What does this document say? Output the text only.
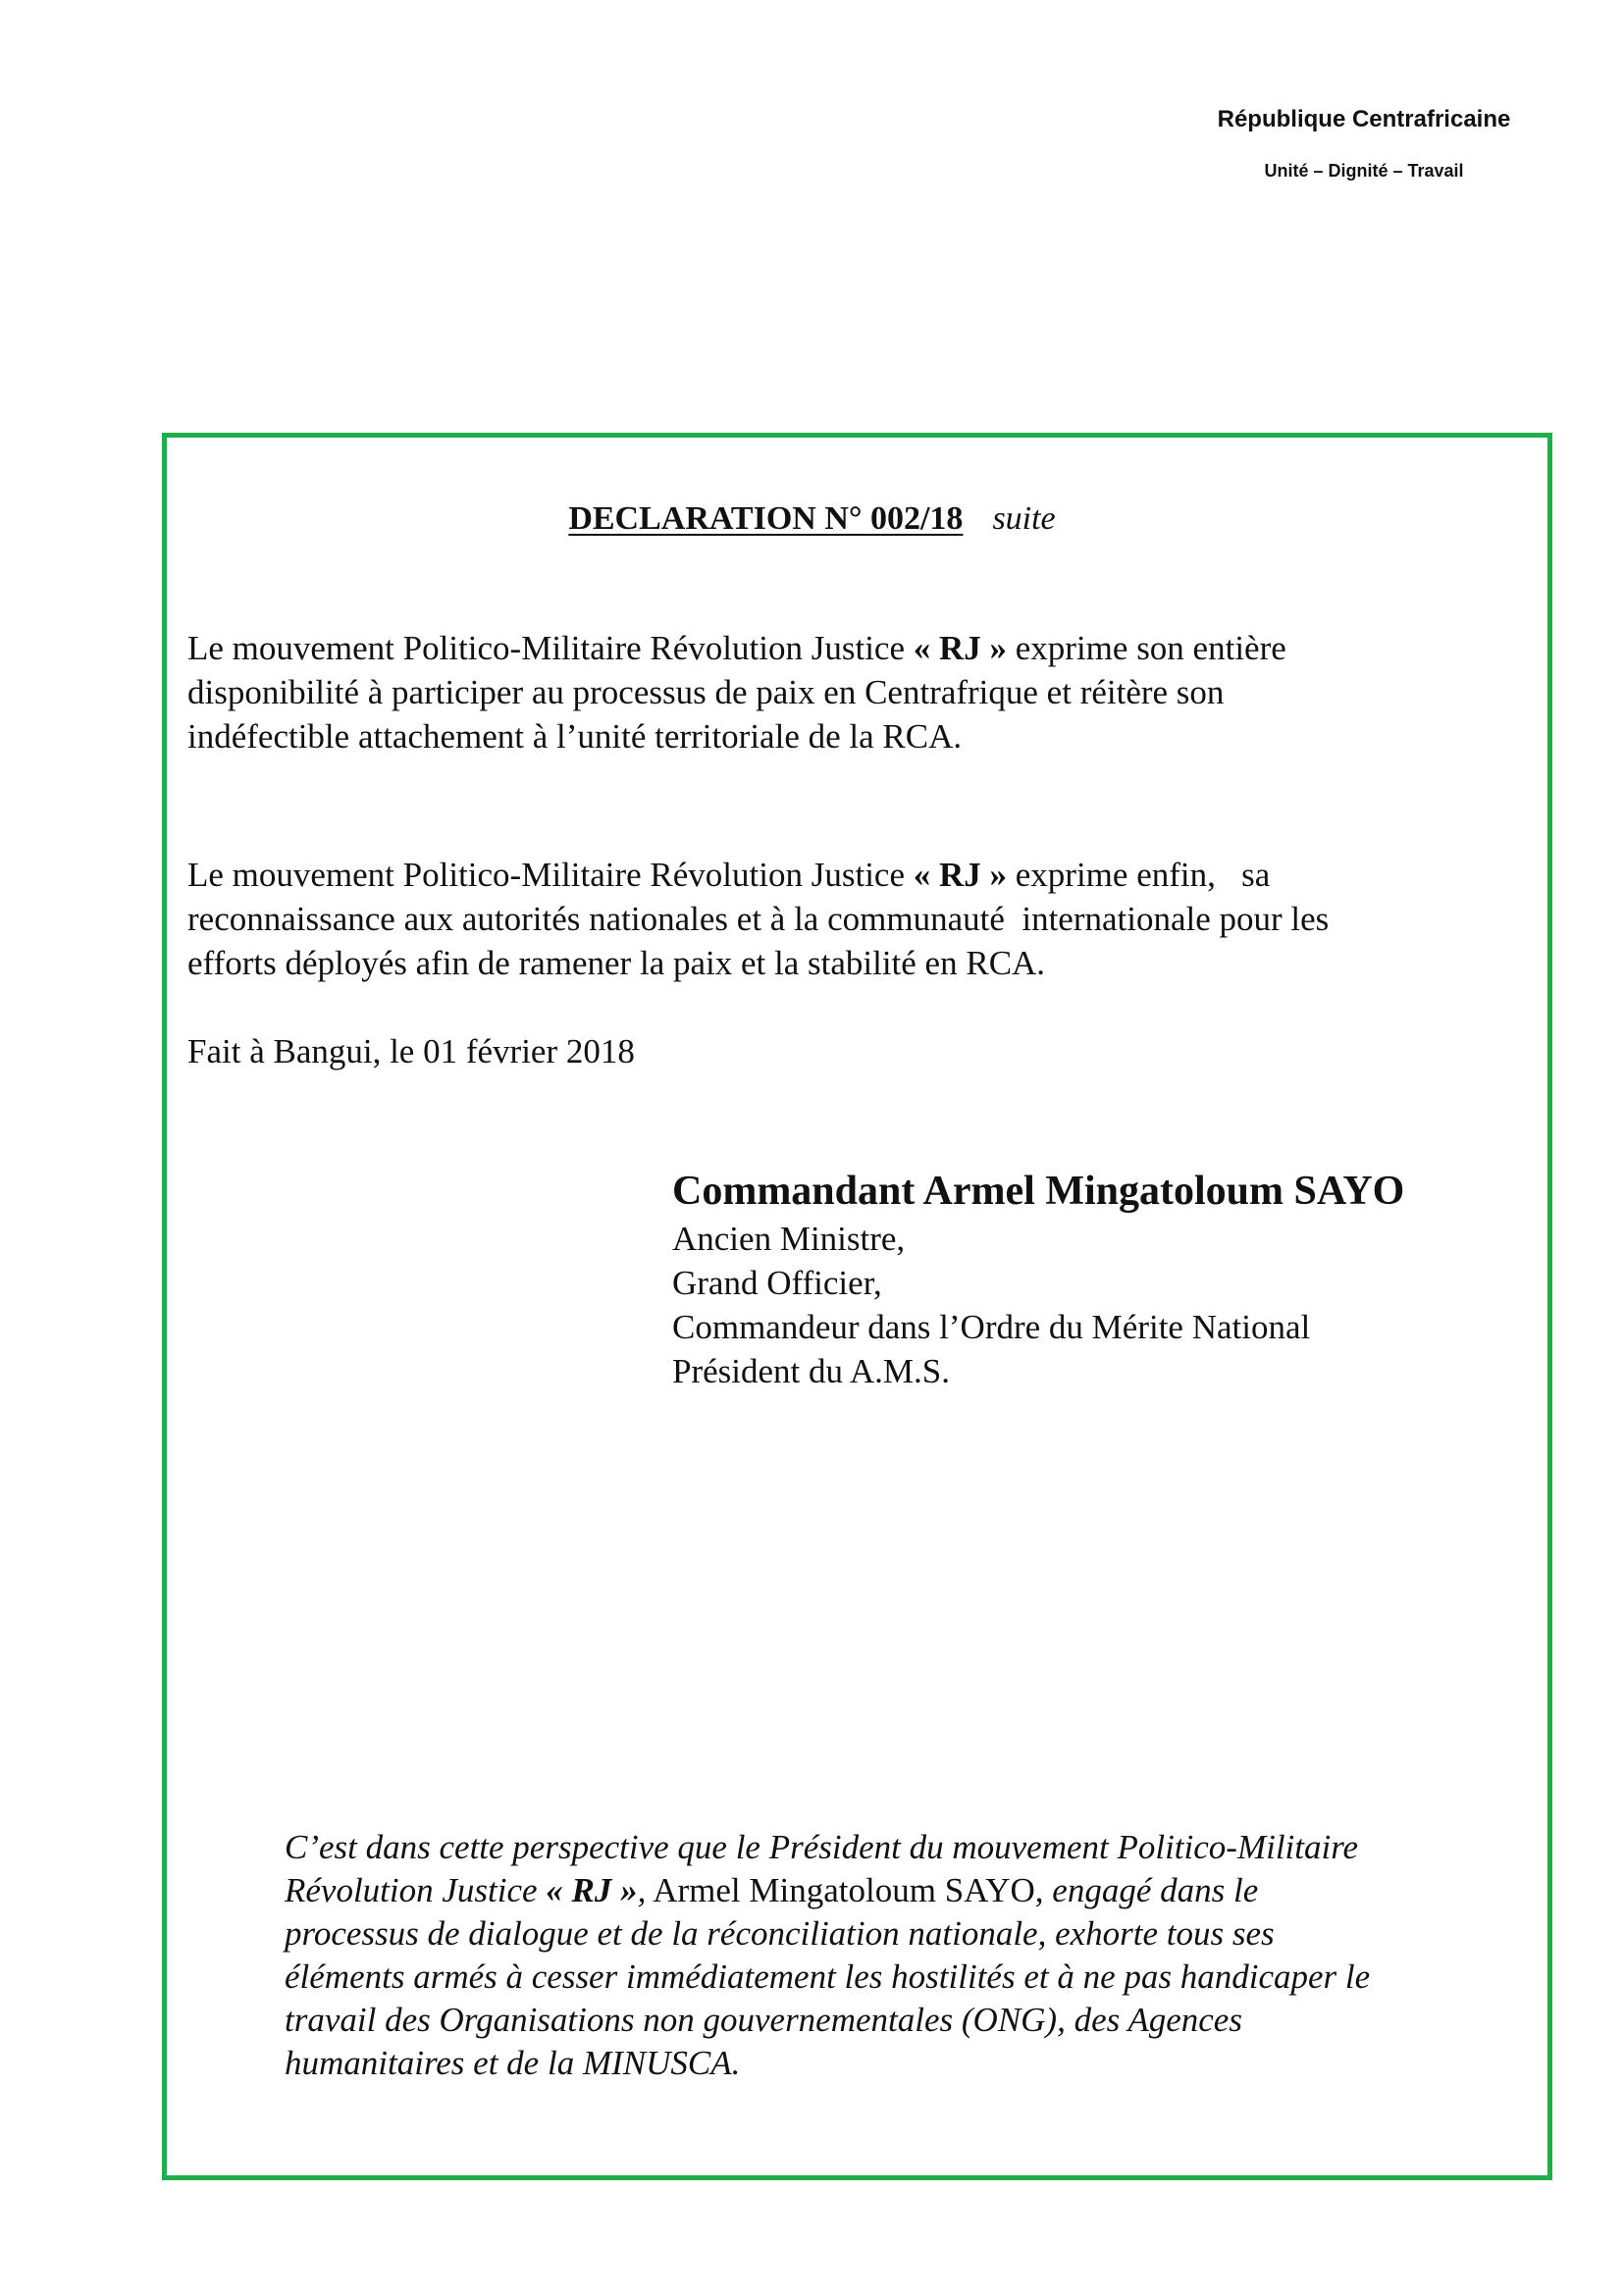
République Centrafricaine
Unité – Dignité – Travail
DECLARATION N° 002/18 suite
Le mouvement Politico-Militaire Révolution Justice « RJ » exprime son entière
disponibilité à participer au processus de paix en Centrafrique et réitère son
indéfectible attachement à l’unité territoriale de la RCA.
Le mouvement Politico-Militaire Révolution Justice « RJ » exprime enfin,   sa
reconnaissance aux autorités nationales et à la communauté  internationale pour les
efforts déployés afin de ramener la paix et la stabilité en RCA.
Fait à Bangui, le 01 février 2018
Commandant Armel Mingatoloum SAYO
Ancien Ministre,
Grand Officier,
Commandeur dans l’Ordre du Mérite National
Président du A.M.S.
C’est dans cette perspective que le Président du mouvement Politico-Militaire
Révolution Justice « RJ », Armel Mingatoloum SAYO, engagé dans le
processus de dialogue et de la réconciliation nationale, exhorte tous ses
éléments armés à cesser immédiatement les hostilités et à ne pas handicaper le
travail des Organisations non gouvernementales (ONG), des Agences
humanitaires et de la MINUSCA.
